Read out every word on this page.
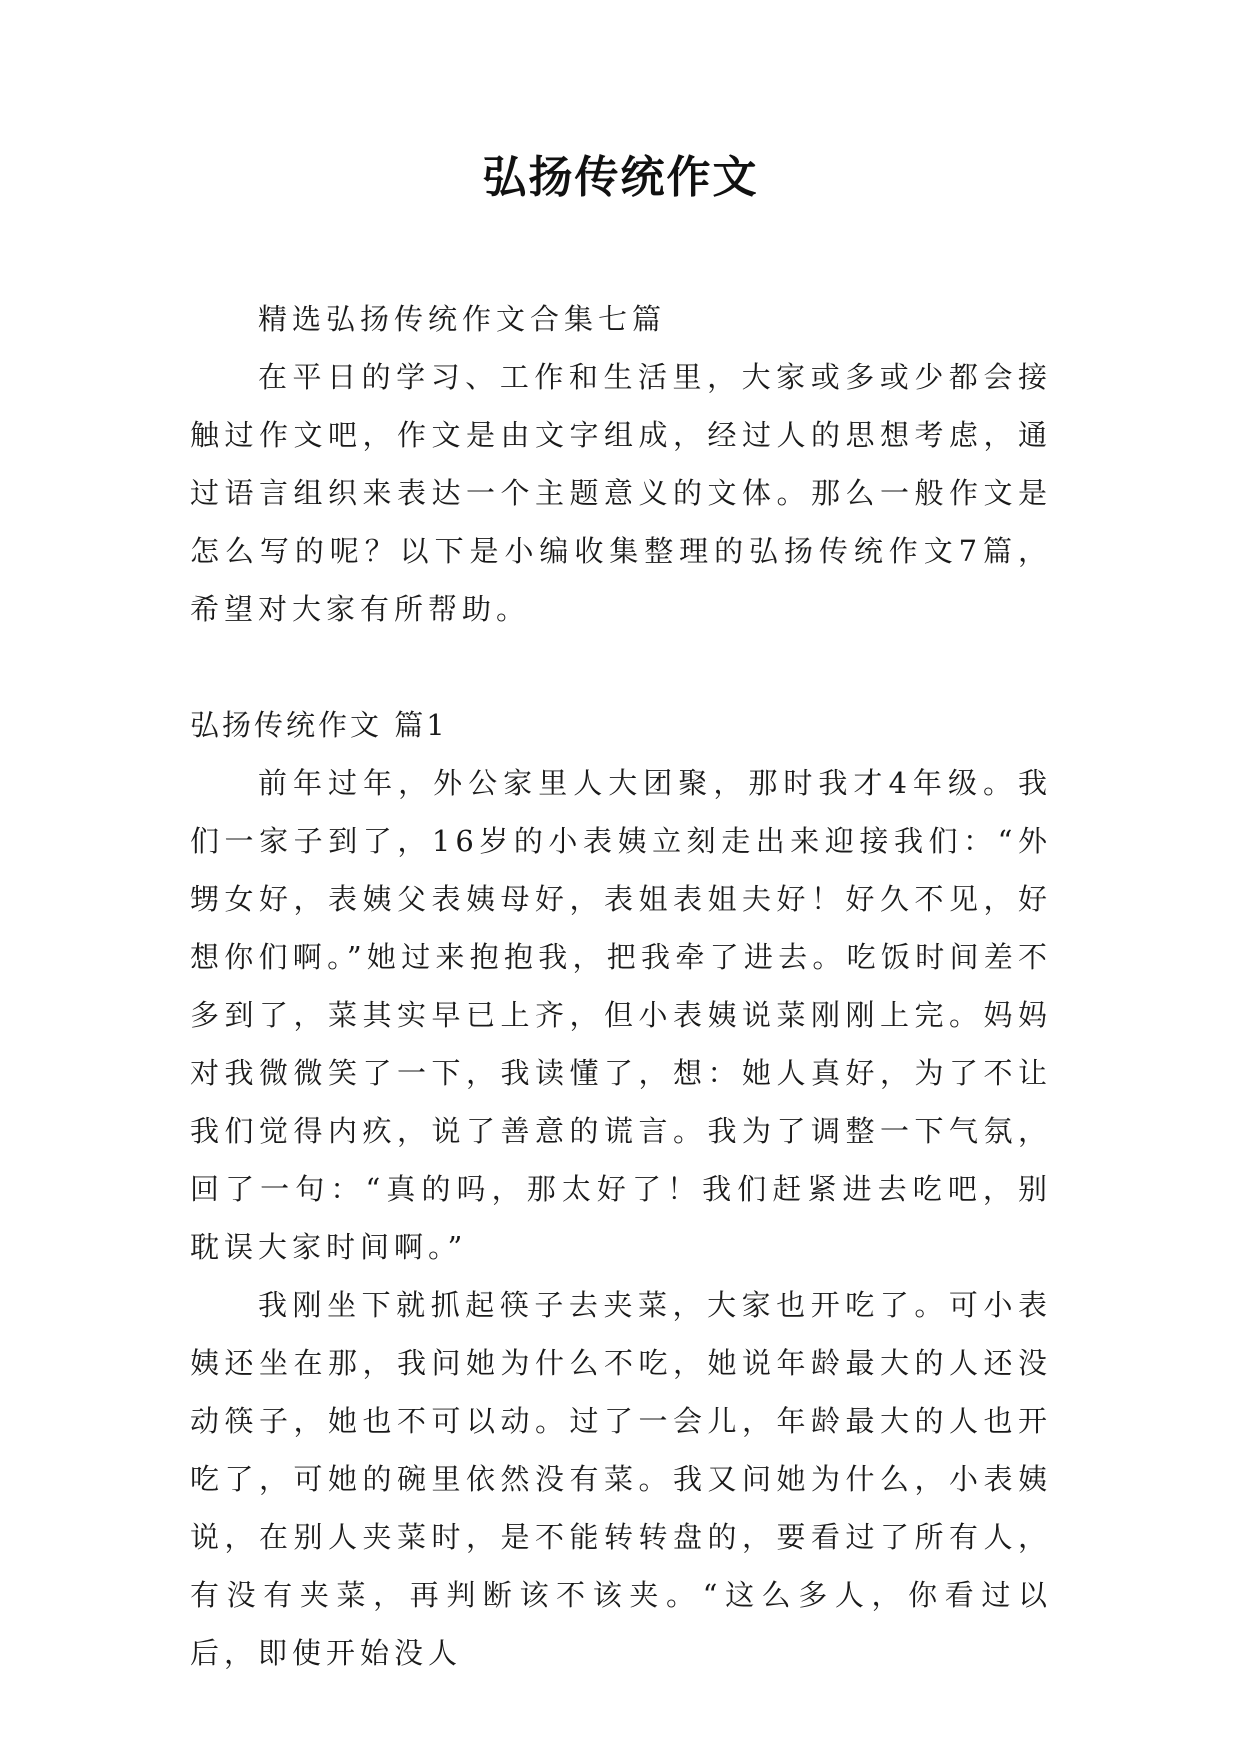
弘扬传统作文

精选弘扬传统作文合集七篇

在平日的学习、工作和生活里，大家或多或少都会接触过作文吧，作文是由文字组成，经过人的思想考虑，通过语言组织来表达一个主题意义的文体。那么一般作文是怎么写的呢？以下是小编收集整理的弘扬传统作文7篇，希望对大家有所帮助。

弘扬传统作文 篇1

前年过年，外公家里人大团聚，那时我才4年级。我们一家子到了，16岁的小表姨立刻走出来迎接我们：“外甥女好，表姨父表姨母好，表姐表姐夫好！好久不见，好想你们啊。”她过来抱抱我，把我牵了进去。吃饭时间差不多到了，菜其实早已上齐，但小表姨说菜刚刚上完。妈妈对我微微笑了一下，我读懂了，想：她人真好，为了不让我们觉得内疚，说了善意的谎言。我为了调整一下气氛，回了一句：“真的吗，那太好了！我们赶紧进去吃吧，别耽误大家时间啊。”

我刚坐下就抓起筷子去夹菜，大家也开吃了。可小表姨还坐在那，我问她为什么不吃，她说年龄最大的人还没动筷子，她也不可以动。过了一会儿，年龄最大的人也开吃了，可她的碗里依然没有菜。我又问她为什么，小表姨说，在别人夹菜时，是不能转转盘的，要看过了所有人，有没有夹菜，再判断该不该夹。“这么多人，你看过以后，即使开始没人
